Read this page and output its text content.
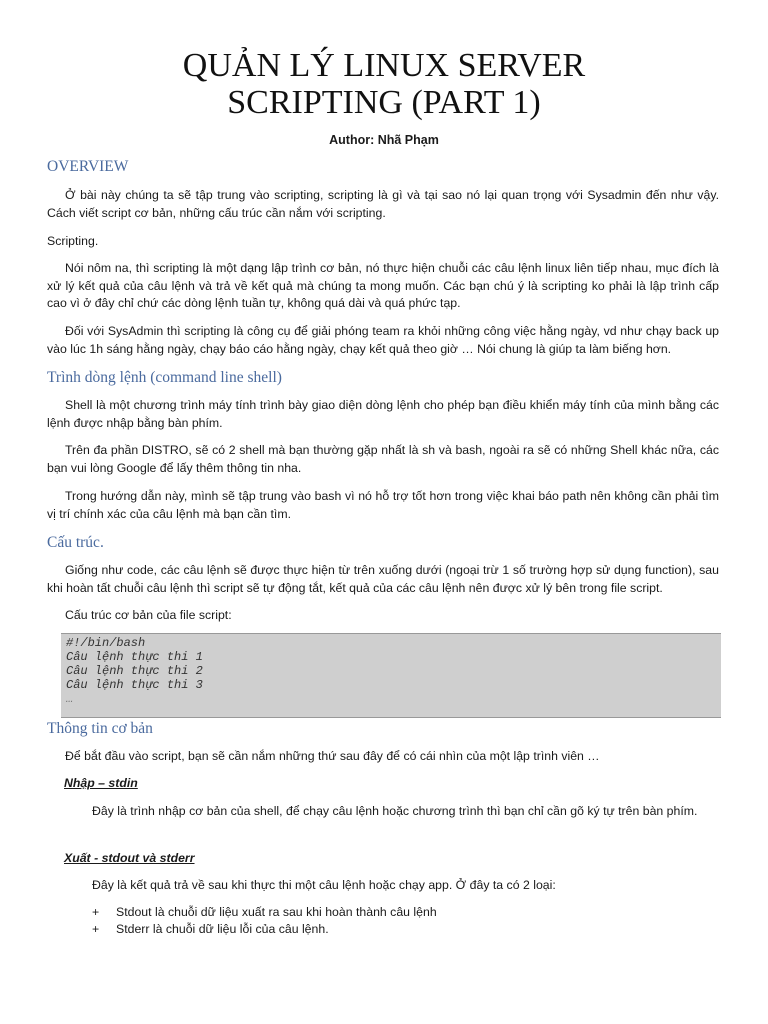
QUẢN LÝ LINUX SERVER
SCRIPTING (PART 1)
Author: Nhã Phạm
OVERVIEW

Ở bài này chúng ta sẽ tập trung vào scripting, scripting là gì và tại sao nó lại quan trọng với Sysadmin đến như vậy. Cách viết script cơ bản, những cấu trúc cần nắm với scripting.

Scripting.

Nói nôm na, thì scripting là một dạng lập trình cơ bản, nó thực hiện chuỗi các câu lệnh linux liên tiếp nhau, mục đích là xử lý kết quả của câu lệnh và trả về kết quả mà chúng ta mong muốn. Các bạn chú ý là scripting ko phải là lập trình cấp cao vì ở đây chỉ chứ các dòng lệnh tuần tự, không quá dài và quá phức tạp.

Đối với SysAdmin thì scripting là công cụ để giải phóng team ra khỏi những công việc hằng ngày, vd như chạy back up vào lúc 1h sáng hằng ngày, chạy báo cáo hằng ngày, chạy kết quả theo giờ … Nói chung là giúp ta làm biếng hơn.

Trình dòng lệnh (command line shell)

Shell là một chương trình máy tính trình bày giao diện dòng lệnh cho phép bạn điều khiển máy tính của mình bằng các lệnh được nhập bằng bàn phím.

Trên đa phần DISTRO, sẽ có 2 shell mà bạn thường gặp nhất là sh và bash, ngoài ra sẽ có những Shell khác nữa, các bạn vui lòng Google để lấy thêm thông tin nha.

Trong hướng dẫn này, mình sẽ tập trung vào bash vì nó hỗ trợ tốt hơn trong việc khai báo path nên không cần phải tìm vị trí chính xác của câu lệnh mà bạn cần tìm.

Cấu trúc.

Giống như code, các câu lệnh sẽ được thực hiện từ trên xuống dưới (ngoại trừ 1 số trường hợp sử dụng function), sau khi hoàn tất chuỗi câu lệnh thì script sẽ tự động tắt, kết quả của các câu lệnh nên được xử lý bên trong file script.

Cấu trúc cơ bản của file script:

#!/bin/bash
Câu lệnh thực thi 1
Câu lệnh thực thi 2
Câu lệnh thực thi 3
…
Thông tin cơ bản

Để bắt đầu vào script, bạn sẽ cần nắm những thứ sau đây để có cái nhìn của một lập trình viên …

Nhập – stdin

Đây là trình nhập cơ bản của shell, để chạy câu lệnh hoặc chương trình thì bạn chỉ cần gõ ký tự trên bàn phím.

Xuất - stdout và stderr

Đây là kết quả trả về sau khi thực thi một câu lệnh hoặc chạy app. Ở đây ta có 2 loại:

+ Stdout là chuỗi dữ liệu xuất ra sau khi hoàn thành câu lệnh
+ Stderr là chuỗi dữ liệu lỗi của câu lệnh.
